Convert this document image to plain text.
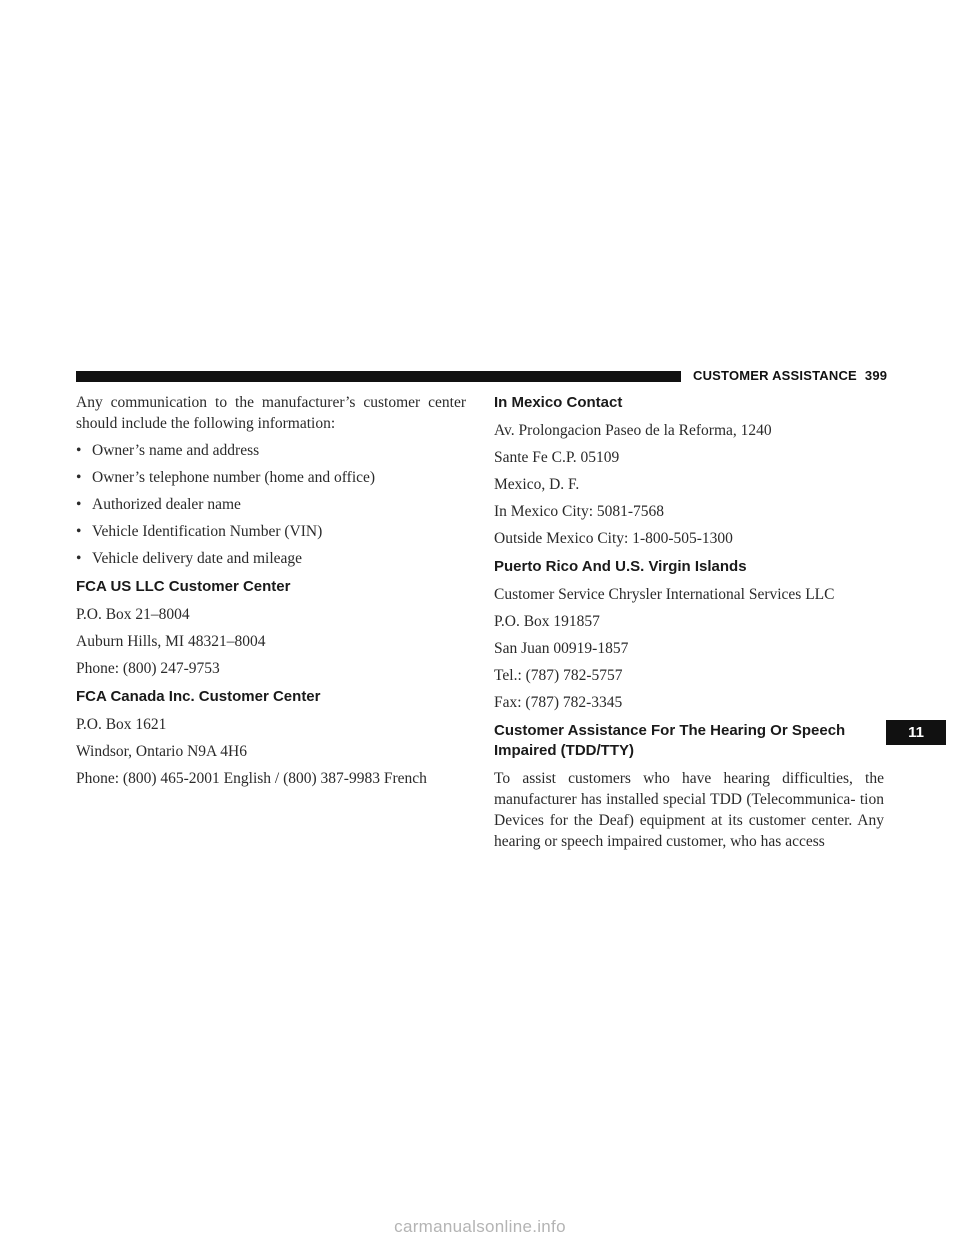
CUSTOMER ASSISTANCE 399

Any communication to the manufacturer’s customer center should include the following information:

• Owner’s name and address
• Owner’s telephone number (home and office)
• Authorized dealer name
• Vehicle Identification Number (VIN)
• Vehicle delivery date and mileage
FCA US LLC Customer Center
P.O. Box 21–8004
Auburn Hills, MI 48321–8004
Phone: (800) 247-9753
FCA Canada Inc. Customer Center
P.O. Box 1621
Windsor, Ontario N9A 4H6
Phone: (800) 465-2001 English / (800) 387-9983 French
In Mexico Contact
Av. Prolongacion Paseo de la Reforma, 1240
Sante Fe C.P. 05109
Mexico, D. F.
In Mexico City: 5081-7568
Outside Mexico City: 1-800-505-1300
Puerto Rico And U.S. Virgin Islands
Customer Service Chrysler International Services LLC
P.O. Box 191857
San Juan 00919-1857
Tel.: (787) 782-5757
Fax: (787) 782-3345
Customer Assistance For The Hearing Or Speech
Impaired (TDD/TTY)

To assist customers who have hearing difficulties, the manufacturer has installed special TDD (Telecommunica- tion Devices for the Deaf) equipment at its customer center. Any hearing or speech impaired customer, who has access

11
carmanualsonline.info
